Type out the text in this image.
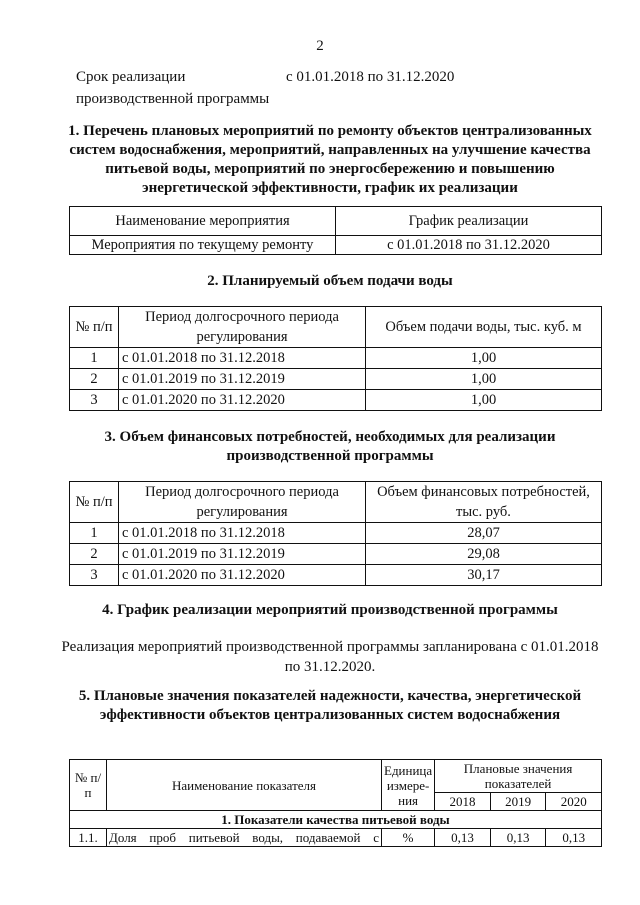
2
Срок реализации
производственной программы
с 01.01.2018 по 31.12.2020
1. Перечень плановых мероприятий по ремонту объектов централизованных систем водоснабжения, мероприятий, направленных на улучшение качества питьевой воды, мероприятий по энергосбережению и повышению энергетической эффективности, график их реализации
Наименование мероприятия	График реализации
Мероприятия по текущему ремонту	с 01.01.2018 по 31.12.2020
2. Планируемый объем подачи воды
№ п/п	Период долгосрочного периода регулирования	Объем подачи воды, тыс. куб. м
1	с 01.01.2018 по 31.12.2018	1,00
2	с 01.01.2019 по 31.12.2019	1,00
3	с 01.01.2020 по 31.12.2020	1,00
3. Объем финансовых потребностей, необходимых для реализации производственной программы
№ п/п	Период долгосрочного периода регулирования	Объем финансовых потребностей, тыс. руб.
1	с 01.01.2018 по 31.12.2018	28,07
2	с 01.01.2019 по 31.12.2019	29,08
3	с 01.01.2020 по 31.12.2020	30,17
4. График реализации мероприятий производственной программы
Реализация мероприятий производственной программы запланирована с 01.01.2018 по 31.12.2020.
5. Плановые значения показателей надежности, качества, энергетической эффективности объектов централизованных систем водоснабжения
№ п/п	Наименование показателя	Единица измере-ния	Плановые значения показателей		
			2018	2019	2020
1. Показатели качества питьевой воды					
1.1.	Доля проб питьевой воды, подаваемой с	%	0,13	0,13	0,13
